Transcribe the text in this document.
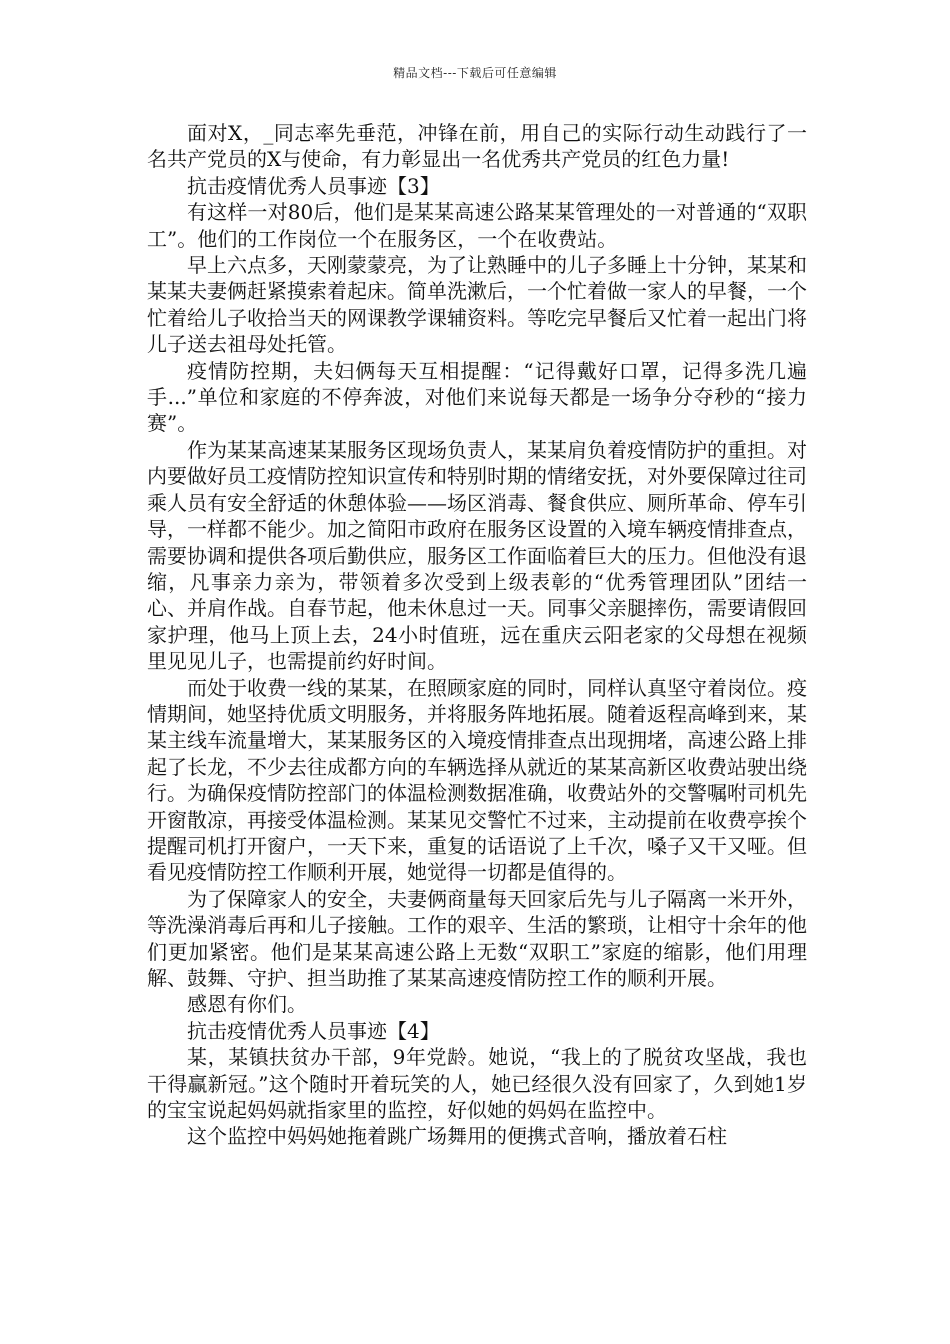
精品文档---下载后可任意编辑

面对X，_同志率先垂范，冲锋在前，用自己的实际行动生动践行了一名共产党员的X与使命，有力彰显出一名优秀共产党员的红色力量!

抗击疫情优秀人员事迹【3】

有这样一对80后，他们是某某高速公路某某管理处的一对普通的“双职工”。他们的工作岗位一个在服务区，一个在收费站。

早上六点多，天刚蒙蒙亮，为了让熟睡中的儿子多睡上十分钟，某某和某某夫妻俩赶紧摸索着起床。简单洗漱后，一个忙着做一家人的早餐，一个忙着给儿子收拾当天的网课教学课辅资料。等吃完早餐后又忙着一起出门将儿子送去祖母处托管。

疫情防控期，夫妇俩每天互相提醒：“记得戴好口罩，记得多洗几遍手...”单位和家庭的不停奔波，对他们来说每天都是一场争分夺秒的“接力赛”。

作为某某高速某某服务区现场负责人，某某肩负着疫情防护的重担。对内要做好员工疫情防控知识宣传和特别时期的情绪安抚，对外要保障过往司乘人员有安全舒适的休憩体验——场区消毒、餐食供应、厕所革命、停车引导，一样都不能少。加之简阳市政府在服务区设置的入境车辆疫情排查点，需要协调和提供各项后勤供应，服务区工作面临着巨大的压力。但他没有退缩，凡事亲力亲为，带领着多次受到上级表彰的“优秀管理团队”团结一心、并肩作战。自春节起，他未休息过一天。同事父亲腿摔伤，需要请假回家护理，他马上顶上去，24小时值班，远在重庆云阳老家的父母想在视频里见见儿子，也需提前约好时间。

而处于收费一线的某某，在照顾家庭的同时，同样认真坚守着岗位。疫情期间，她坚持优质文明服务，并将服务阵地拓展。随着返程高峰到来，某某主线车流量增大，某某服务区的入境疫情排查点出现拥堵，高速公路上排起了长龙，不少去往成都方向的车辆选择从就近的某某高新区收费站驶出绕行。为确保疫情防控部门的体温检测数据准确，收费站外的交警嘱咐司机先开窗散凉，再接受体温检测。某某见交警忙不过来，主动提前在收费亭挨个提醒司机打开窗户，一天下来，重复的话语说了上千次，嗓子又干又哑。但看见疫情防控工作顺利开展，她觉得一切都是值得的。

为了保障家人的安全，夫妻俩商量每天回家后先与儿子隔离一米开外，等洗澡消毒后再和儿子接触。工作的艰辛、生活的繁琐，让相守十余年的他们更加紧密。他们是某某高速公路上无数“双职工”家庭的缩影，他们用理解、鼓舞、守护、担当助推了某某高速疫情防控工作的顺利开展。

感恩有你们。

抗击疫情优秀人员事迹【4】

某，某镇扶贫办干部，9年党龄。她说，“我上的了脱贫攻坚战，我也干得赢新冠。”这个随时开着玩笑的人，她已经很久没有回家了，久到她1岁的宝宝说起妈妈就指家里的监控，好似她的妈妈在监控中。

这个监控中妈妈她拖着跳广场舞用的便携式音响，播放着石柱
